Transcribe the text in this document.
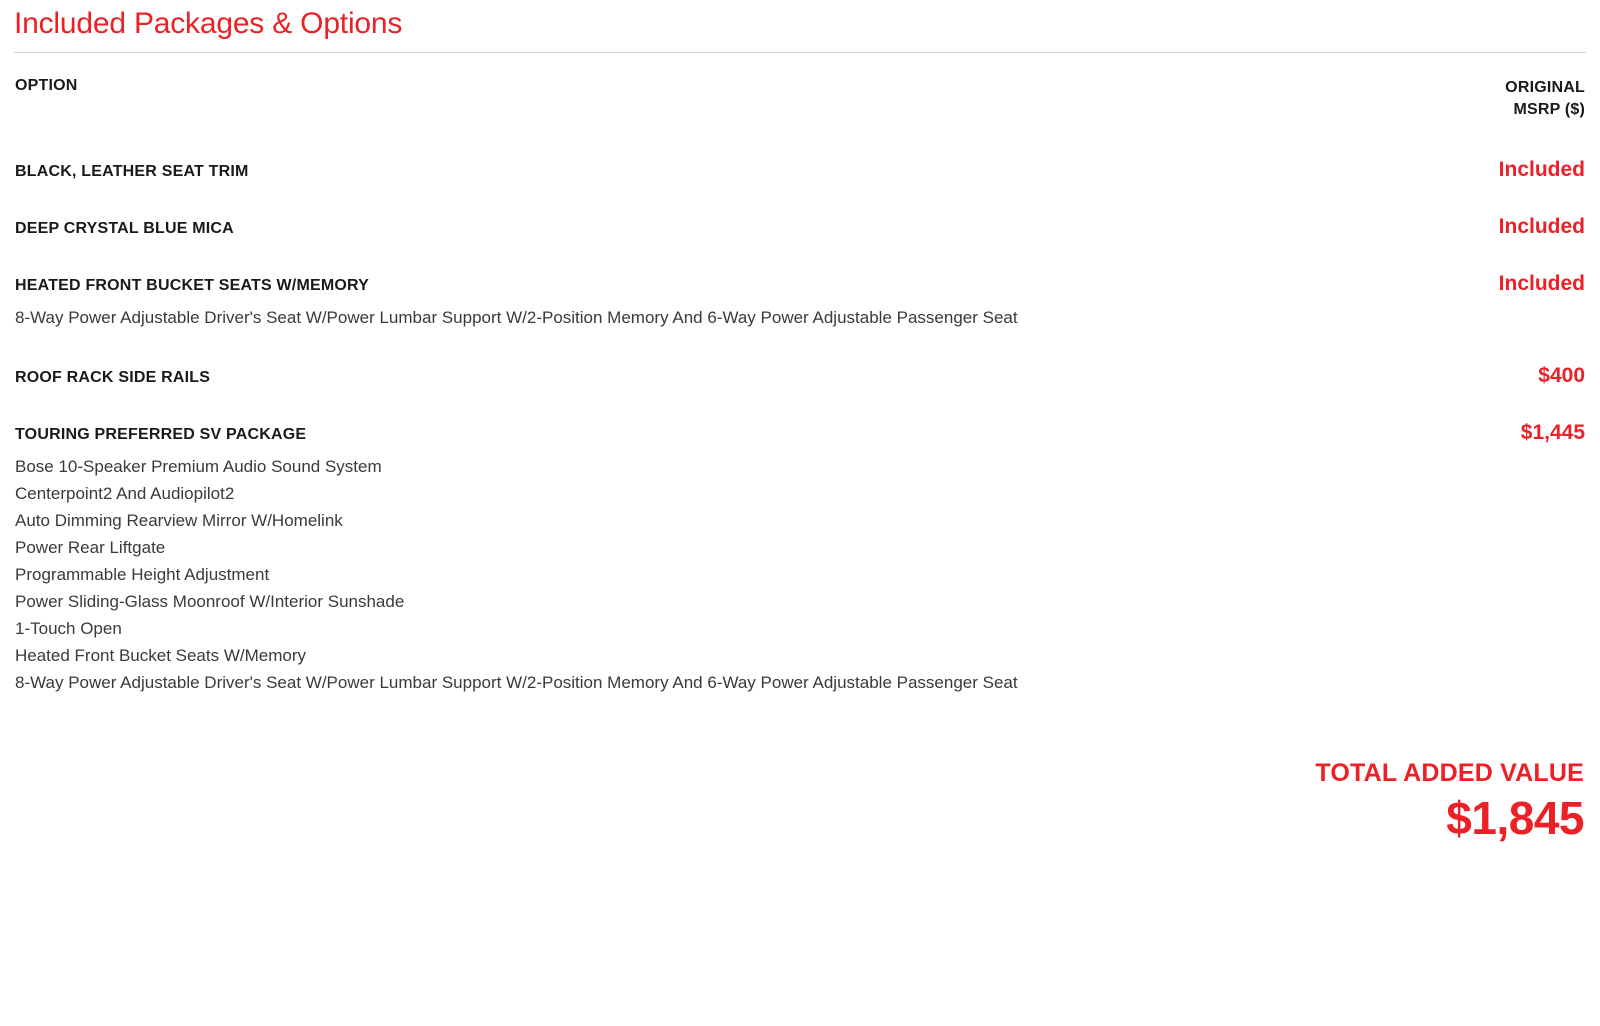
Included Packages & Options
OPTION	ORIGINAL
MSRP ($)
BLACK, LEATHER SEAT TRIM	Included
DEEP CRYSTAL BLUE MICA	Included
HEATED FRONT BUCKET SEATS W/MEMORY	Included

8-Way Power Adjustable Driver's Seat W/Power Lumbar Support W/2-Position Memory And 6-Way Power Adjustable Passenger Seat	

ROOF RACK SIDE RAILS	$400
TOURING PREFERRED SV PACKAGE	$1,445

Bose 10-Speaker Premium Audio Sound System
Centerpoint2 And Audiopilot2
Auto Dimming Rearview Mirror W/Homelink
Power Rear Liftgate
Programmable Height Adjustment
Power Sliding-Glass Moonroof W/Interior Sunshade
1-Touch Open
Heated Front Bucket Seats W/Memory
8-Way Power Adjustable Driver's Seat W/Power Lumbar Support W/2-Position Memory And 6-Way Power Adjustable Passenger Seat
TOTAL ADDED VALUE
$1,845
